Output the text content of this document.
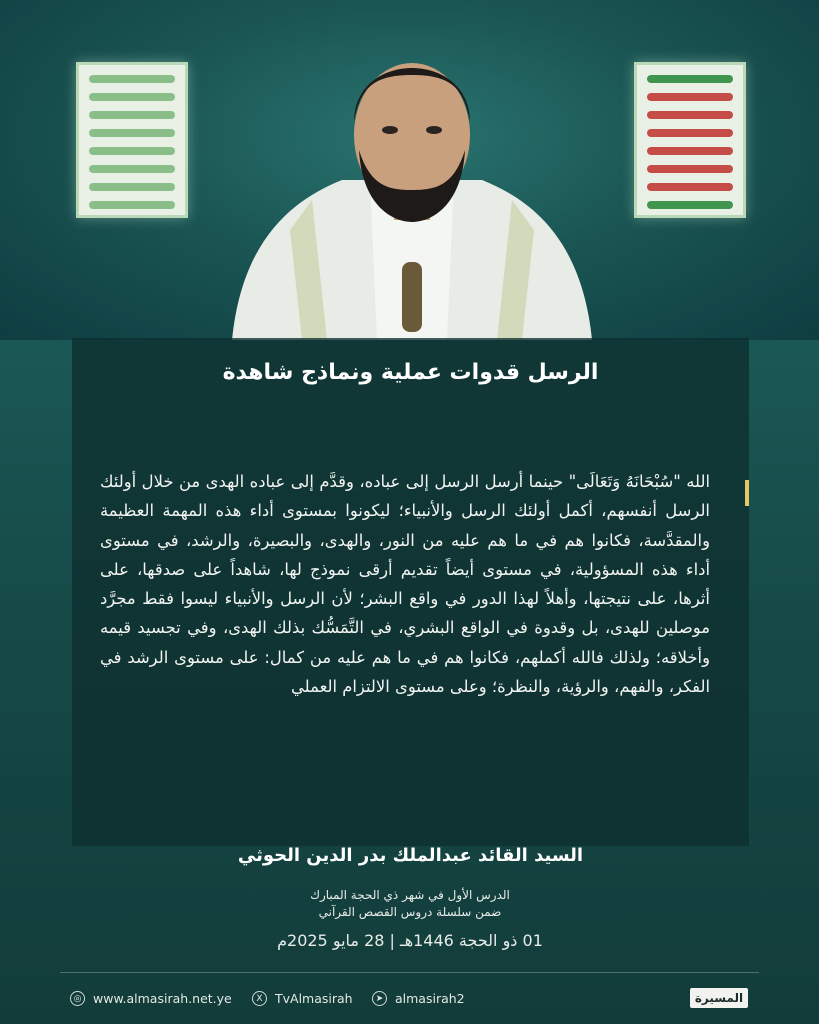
الرسل قدوات عملية ونماذج شاهدة

الله "سُبْحَانَهُ وَتَعَالَى" حينما أرسل الرسل إلى عباده، وقدَّم إلى عباده الهدى من خلال أولئك الرسل أنفسهم، أكمل أولئك الرسل والأنبياء؛ ليكونوا بمستوى أداء هذه المهمة العظيمة والمقدَّسة، فكانوا هم في ما هم عليه من النور، والهدى، والبصيرة، والرشد، في مستوى أداء هذه المسؤولية، في مستوى أيضاً تقديم أرقى نموذج لها، شاهداً على صدقها، على أثرها، على نتيجتها، وأهلاً لهذا الدور في واقع البشر؛ لأن الرسل والأنبياء ليسوا فقط مجرَّد موصلين للهدى، بل وقدوة في الواقع البشري، في التَّمَسُّك بذلك الهدى، وفي تجسيد قيمه وأخلاقه؛ ولذلك فالله أكملهم، فكانوا هم في ما هم عليه من كمال: على مستوى الرشد في الفكر، والفهم، والرؤية، والنظرة؛ وعلى مستوى الالتزام العملي

السيد القائد عبدالملك بدر الدين الحوثي
الدرس الأول في شهر ذي الحجة المبارك
ضمن سلسلة دروس القصص القرآني
01 ذو الحجة 1446هـ | 28 مايو 2025م
◎ www.almasirah.net.ye	X TvAlmasirah	➤ almasirah2	المسيرة
